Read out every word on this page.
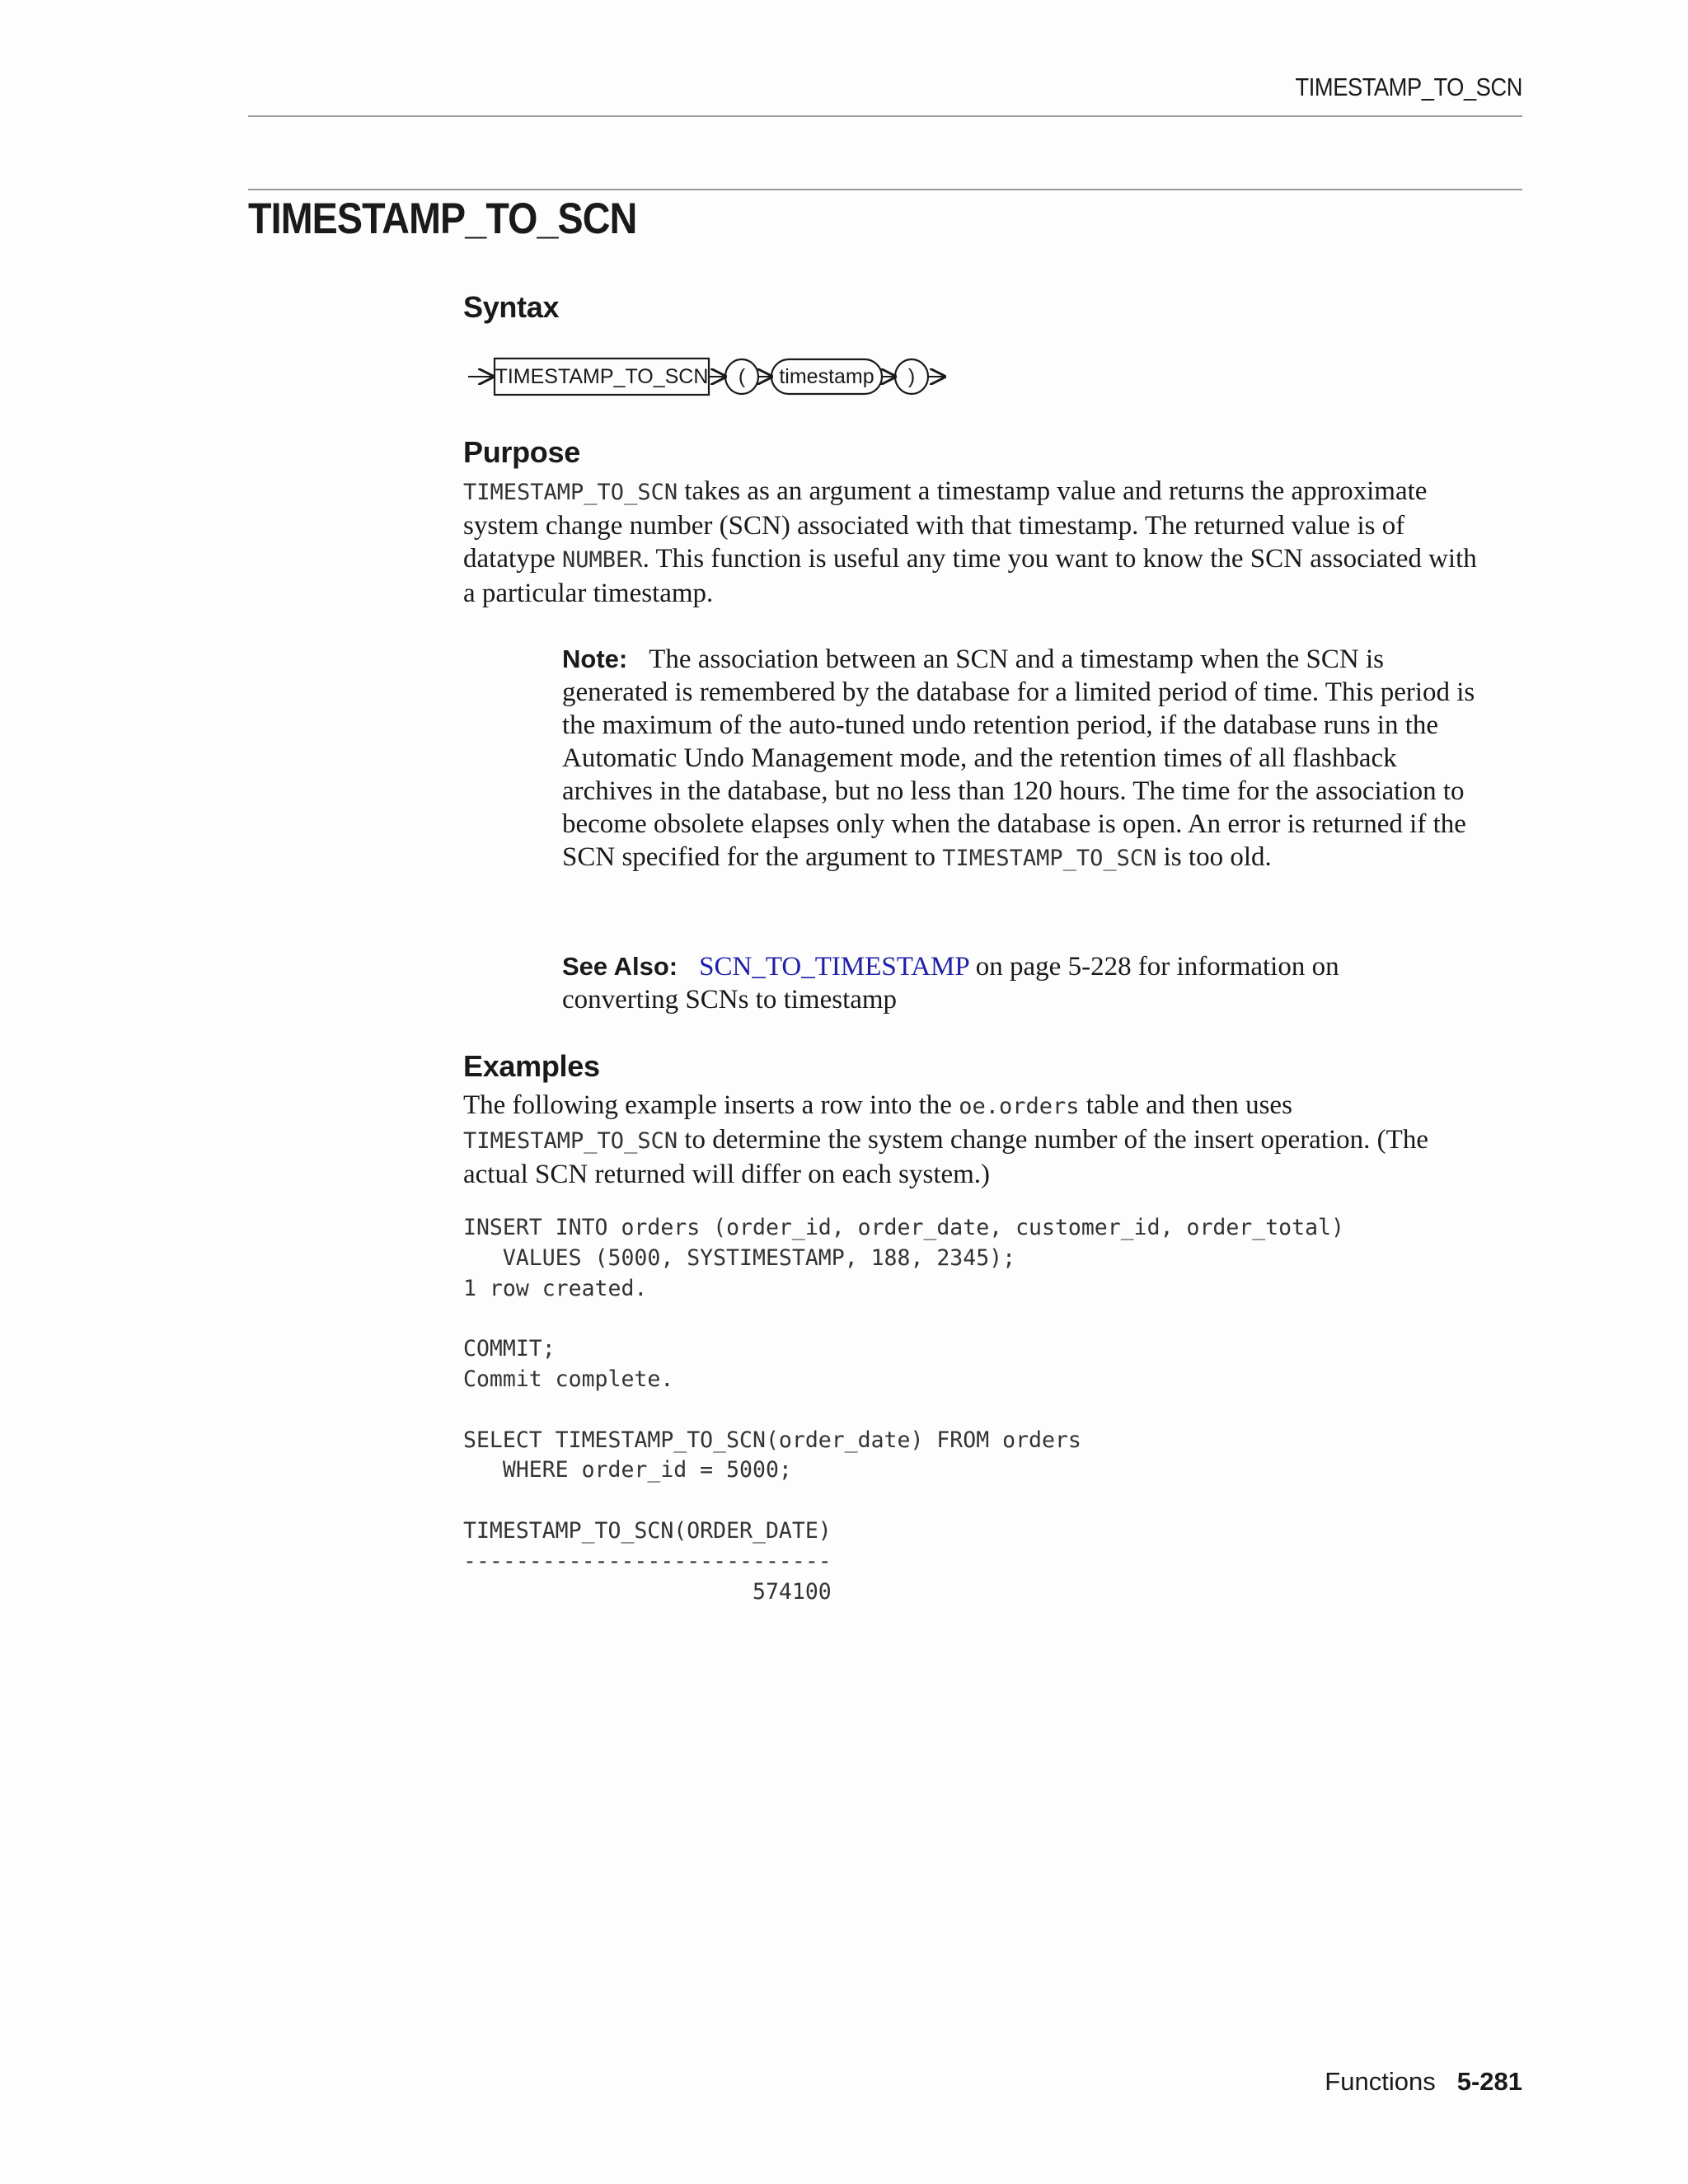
TIMESTAMP_TO_SCN
TIMESTAMP_TO_SCN
Syntax
TIMESTAMP_TO_SCN ( timestamp )
Purpose

TIMESTAMP_TO_SCN takes as an argument a timestamp value and returns the approximate system change number (SCN) associated with that timestamp. The returned value is of datatype NUMBER. This function is useful any time you want to know the SCN associated with a particular timestamp.

Note: The association between an SCN and a timestamp when the SCN is generated is remembered by the database for a limited period of time. This period is the maximum of the auto-tuned undo retention period, if the database runs in the Automatic Undo Management mode, and the retention times of all flashback archives in the database, but no less than 120 hours. The time for the association to become obsolete elapses only when the database is open. An error is returned if the SCN specified for the argument to TIMESTAMP_TO_SCN is too old.

See Also: SCN_TO_TIMESTAMP on page 5-228 for information on converting SCNs to timestamp

Examples

The following example inserts a row into the oe.orders table and then uses TIMESTAMP_TO_SCN to determine the system change number of the insert operation. (The actual SCN returned will differ on each system.)

INSERT INTO orders (order_id, order_date, customer_id, order_total)
VALUES (5000, SYSTIMESTAMP, 188, 2345);
1 row created.

COMMIT;
Commit complete.

SELECT TIMESTAMP_TO_SCN(order_date) FROM orders
WHERE order_id = 5000;

TIMESTAMP_TO_SCN(ORDER_DATE)
----------------------------
574100
Functions 5-281
